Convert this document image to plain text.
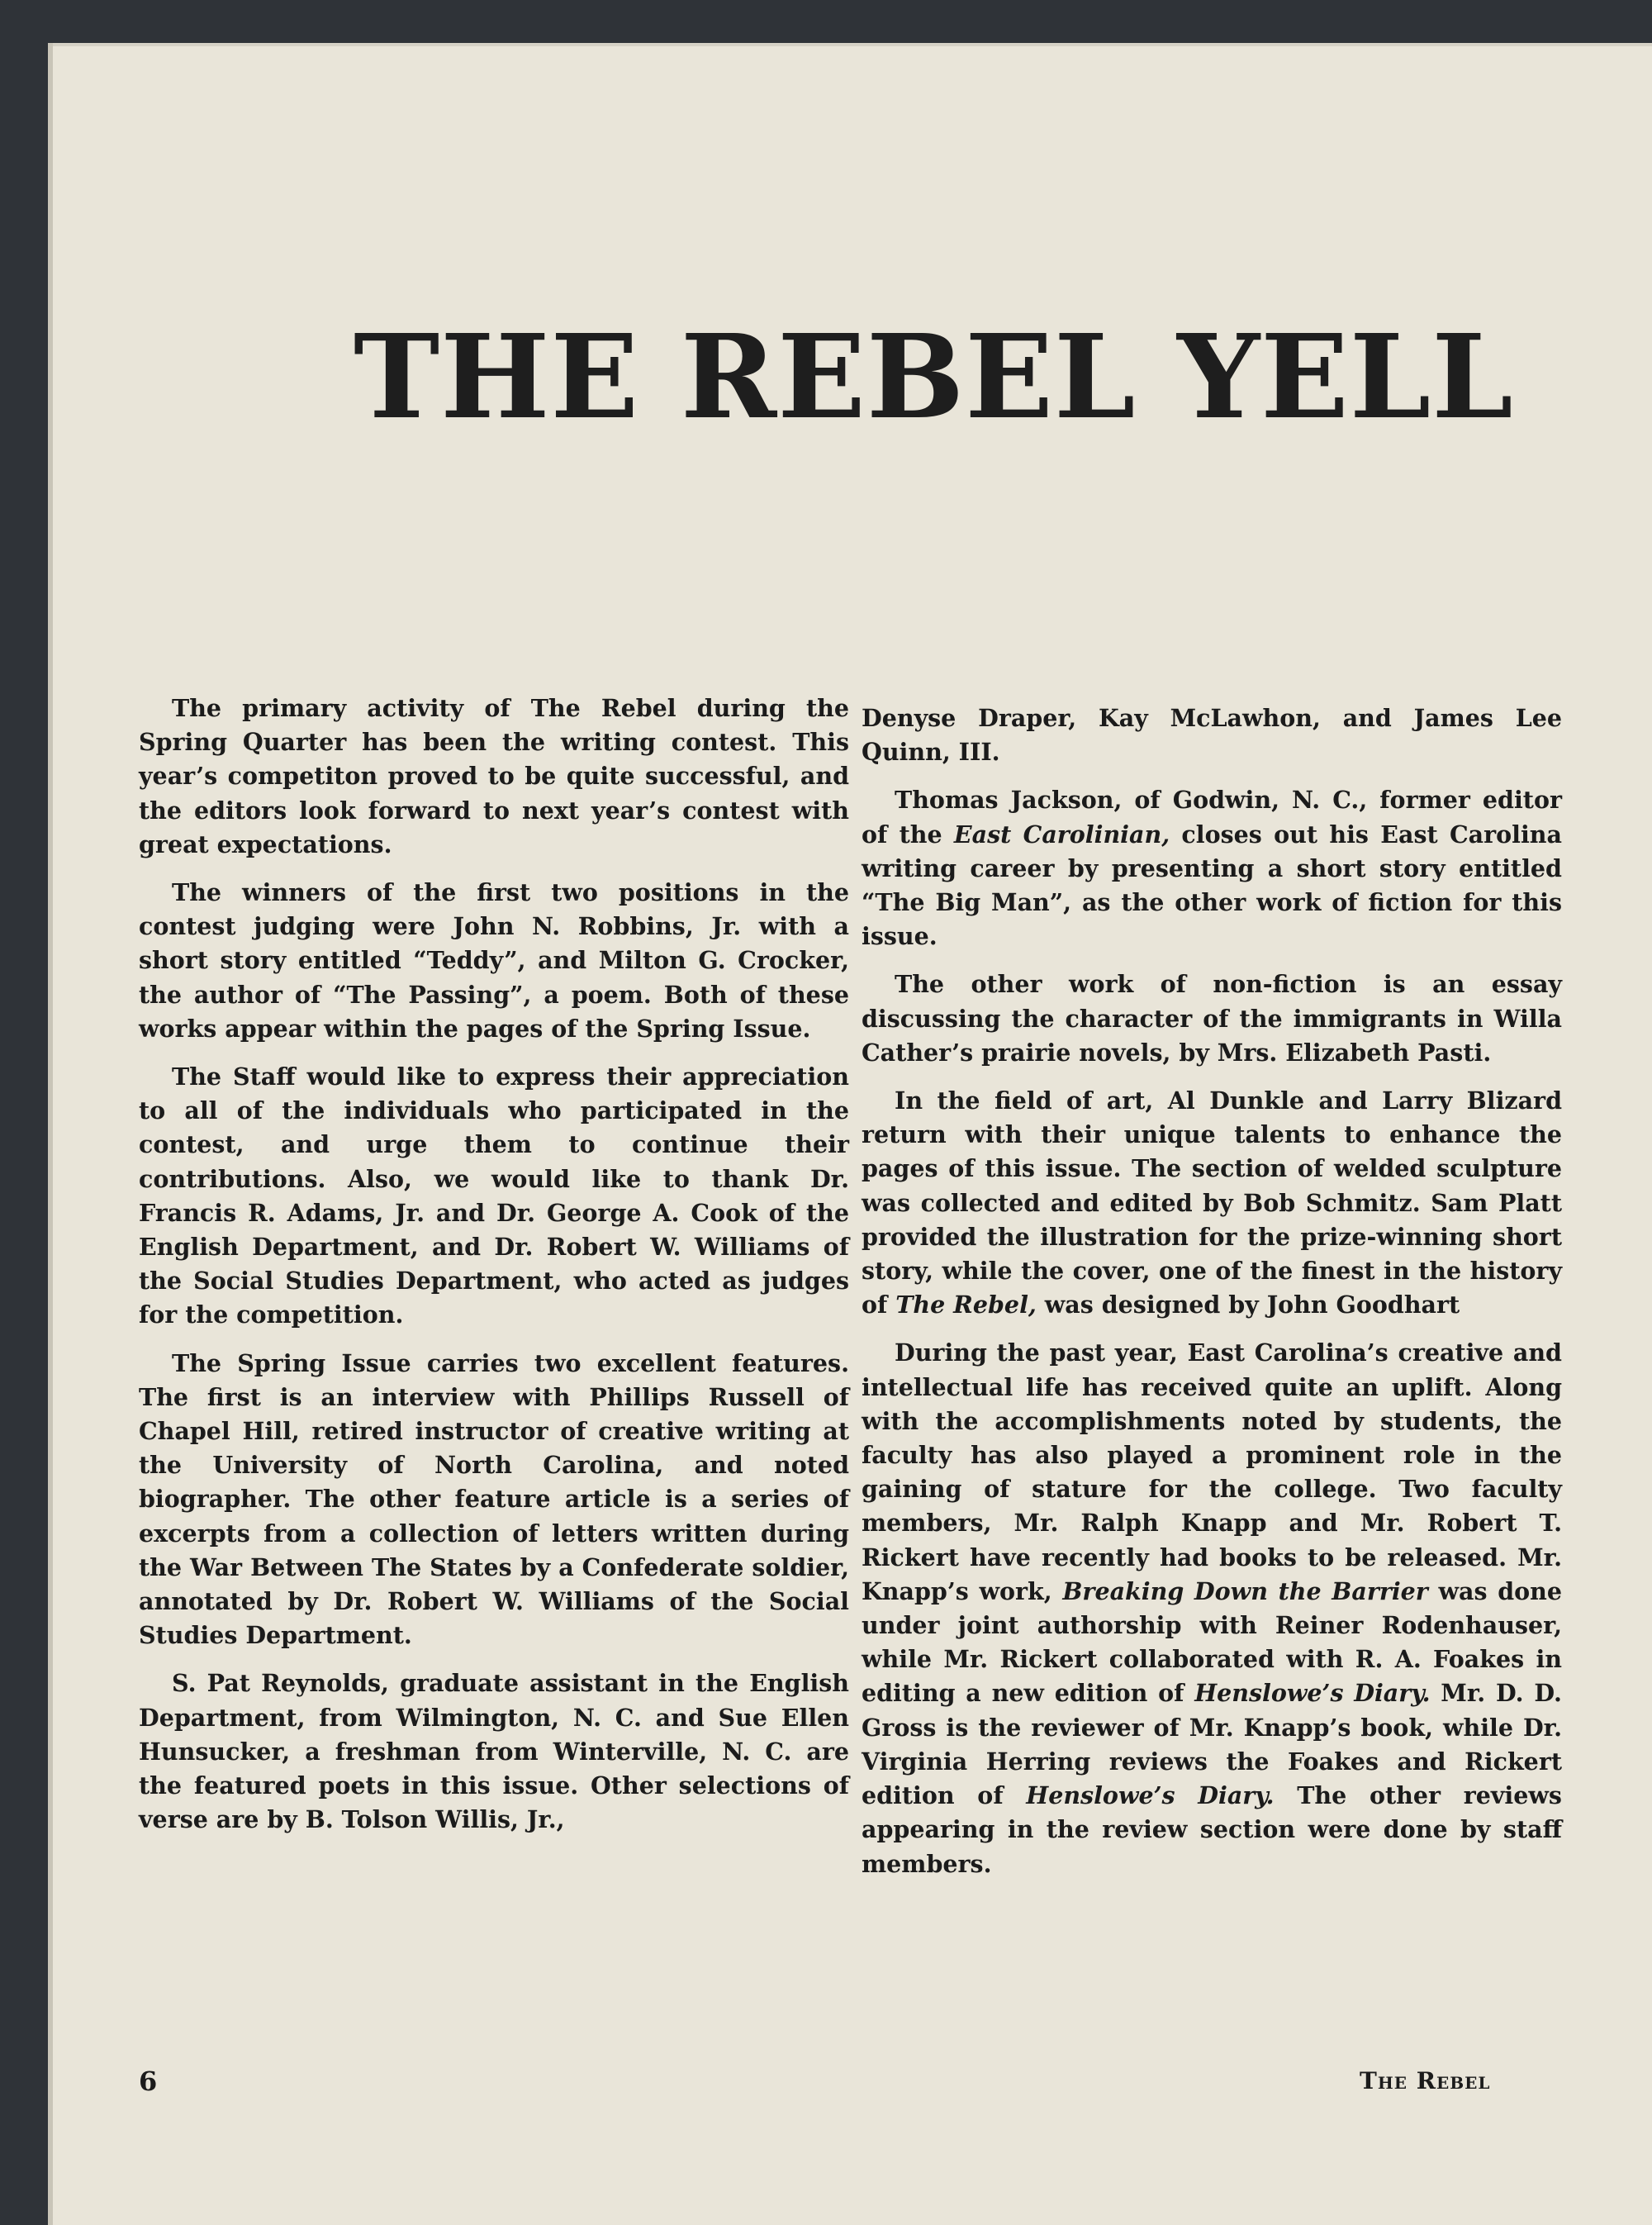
THE REBEL YELL

The primary activity of The Rebel during the Spring Quarter has been the writing contest. This year’s competiton proved to be quite successful, and the editors look forward to next year’s contest with great expectations.

The winners of the first two positions in the contest judging were John N. Robbins, Jr. with a short story entitled “Teddy”, and Milton G. Crocker, the author of “The Passing”, a poem. Both of these works appear within the pages of the Spring Issue.

The Staff would like to express their appreciation to all of the individuals who participated in the contest, and urge them to continue their contributions. Also, we would like to thank Dr. Francis R. Adams, Jr. and Dr. George A. Cook of the English Department, and Dr. Robert W. Williams of the Social Studies Department, who acted as judges for the competition.

The Spring Issue carries two excellent features. The first is an interview with Phillips Russell of Chapel Hill, retired instructor of creative writing at the University of North Carolina, and noted biographer. The other feature article is a series of excerpts from a collection of letters written during the War Between The States by a Confederate soldier, annotated by Dr. Robert W. Williams of the Social Studies Department.

S. Pat Reynolds, graduate assistant in the English Department, from Wilmington, N. C. and Sue Ellen Hunsucker, a freshman from Winterville, N. C. are the featured poets in this issue. Other selections of verse are by B. Tolson Willis, Jr.,

Denyse Draper, Kay McLawhon, and James Lee Quinn, III.

Thomas Jackson, of Godwin, N. C., former editor of the East Carolinian, closes out his East Carolina writing career by presenting a short story entitled “The Big Man”, as the other work of fiction for this issue.

The other work of non-fiction is an essay discussing the character of the immigrants in Willa Cather’s prairie novels, by Mrs. Elizabeth Pasti.

In the field of art, Al Dunkle and Larry Blizard return with their unique talents to enhance the pages of this issue. The section of welded sculpture was collected and edited by Bob Schmitz. Sam Platt provided the illustration for the prize-winning short story, while the cover, one of the finest in the history of The Rebel, was designed by John Goodhart

During the past year, East Carolina’s creative and intellectual life has received quite an uplift. Along with the accomplishments noted by students, the faculty has also played a prominent role in the gaining of stature for the college. Two faculty members, Mr. Ralph Knapp and Mr. Robert T. Rickert have recently had books to be released. Mr. Knapp’s work, Breaking Down the Barrier was done under joint authorship with Reiner Rodenhauser, while Mr. Rickert collaborated with R. A. Foakes in editing a new edition of Henslowe’s Diary. Mr. D. D. Gross is the reviewer of Mr. Knapp’s book, while Dr. Virginia Herring reviews the Foakes and Rickert edition of Henslowe’s Diary. The other reviews appearing in the review section were done by staff members.

6	The Rebel
